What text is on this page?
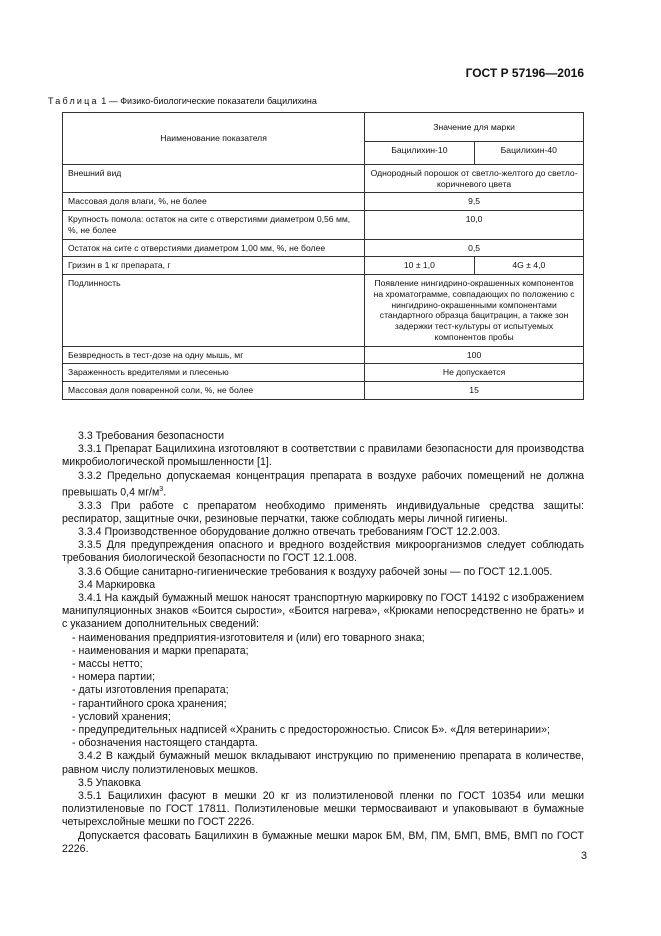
ГОСТ Р 57196—2016
Таблица 1 — Физико-биологические показатели бацилихина
Наименование показателя	Значение для марки	
	Бацилихин-10	Бацилихин-40
Внешний вид	Однородный порошок от светло-желтого до светло-коричневого цвета	
Массовая доля влаги, %, не более	9,5	
Крупность помола: остаток на сите с отверстиями диаметром 0,56 мм, %, не более	10,0	
Остаток на сите с отверстиями диаметром 1,00 мм, %, не более	0,5	
Гризин в 1 кг препарата, г	10 ± 1,0	4G ± 4,0
Подлинность	Появление нингидрино-окрашенных компонентов на хроматограмме, совпадающих по положению с нингидрино-окрашенными компонентами стандартного образца бацитрацин, а также зон задержки тест-культуры от испытуемых компонентов пробы	
Безвредность в тест-дозе на одну мышь, мг	100	
Зараженность вредителями и плесенью	Не допускается	
Массовая доля поваренной соли, %, не более	15	

3.3 Требования безопасности

3.3.1 Препарат Бацилихина изготовляют в соответствии с правилами безопасности для производства микробиологической промышленности [1].

3.3.2 Предельно допускаемая концентрация препарата в воздухе рабочих помещений не должна превышать 0,4 $мг/м^3$.

3.3.3 При работе с препаратом необходимо применять индивидуальные средства защиты: респиратор, защитные очки, резиновые перчатки, также соблюдать меры личной гигиены.

3.3.4 Производственное оборудование должно отвечать требованиям ГОСТ 12.2.003.

3.3.5 Для предупреждения опасного и вредного воздействия микроорганизмов следует соблюдать требования биологической безопасности по ГОСТ 12.1.008.

3.3.6 Общие санитарно-гигиенические требования к воздуху рабочей зоны — по ГОСТ 12.1.005.

3.4 Маркировка

3.4.1 На каждый бумажный мешок наносят транспортную маркировку по ГОСТ 14192 с изображением манипуляционных знаков «Боится сырости», «Боится нагрева», «Крюками непосредственно не брать» и с указанием дополнительных сведений:

- наименования предприятия-изготовителя и (или) его товарного знака;

- наименования и марки препарата;

- массы нетто;

- номера партии;

- даты изготовления препарата;

- гарантийного срока хранения;

- условий хранения;

- предупредительных надписей «Хранить с предосторожностью. Список Б». «Для ветеринарии»;

- обозначения настоящего стандарта.

3.4.2 В каждый бумажный мешок вкладывают инструкцию по применению препарата в количестве, равном числу полиэтиленовых мешков.

3.5 Упаковка

3.5.1 Бацилихин фасуют в мешки 20 кг из полиэтиленовой пленки по ГОСТ 10354 или мешки полиэтиленовые по ГОСТ 17811. Полиэтиленовые мешки термосваивают и упаковывают в бумажные четырехслойные мешки по ГОСТ 2226.

Допускается фасовать Бацилихин в бумажные мешки марок БМ, ВМ, ПМ, БМП, ВМБ, ВМП по ГОСТ 2226.

3
